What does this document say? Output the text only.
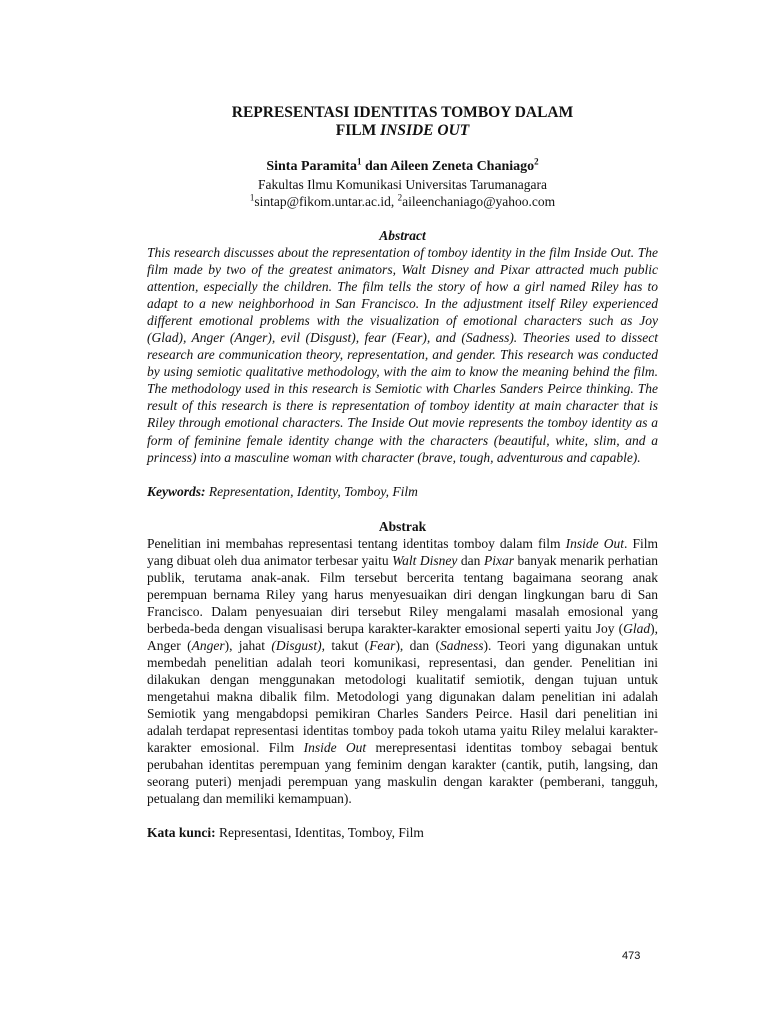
REPRESENTASI IDENTITAS TOMBOY DALAM
FILM INSIDE OUT
Sinta Paramita$^1$ dan Aileen Zeneta Chaniago$^2$
Fakultas Ilmu Komunikasi Universitas Tarumanagara
$^1$sintap@fikom.untar.ac.id, $^2$aileenchaniago@yahoo.com
Abstract

This research discusses about the representation of tomboy identity in the film Inside Out. The film made by two of the greatest animators, Walt Disney and Pixar attracted much public attention, especially the children. The film tells the story of how a girl named Riley has to adapt to a new neighborhood in San Francisco. In the adjustment itself Riley experienced different emotional problems with the visualization of emotional characters such as Joy (Glad), Anger (Anger), evil (Disgust), fear (Fear), and (Sadness). Theories used to dissect research are communication theory, representation, and gender. This research was conducted by using semiotic qualitative methodology, with the aim to know the meaning behind the film. The methodology used in this research is Semiotic with Charles Sanders Peirce thinking. The result of this research is there is representation of tomboy identity at main character that is Riley through emotional characters. The Inside Out movie represents the tomboy identity as a form of feminine female identity change with the characters (beautiful, white, slim, and a princess) into a masculine woman with character (brave, tough, adventurous and capable).

Keywords: Representation, Identity, Tomboy, Film
Abstrak

Penelitian ini membahas representasi tentang identitas tomboy dalam film Inside Out. Film yang dibuat oleh dua animator terbesar yaitu Walt Disney dan Pixar banyak menarik perhatian publik, terutama anak-anak. Film tersebut bercerita tentang bagaimana seorang anak perempuan bernama Riley yang harus menyesuaikan diri dengan lingkungan baru di San Francisco. Dalam penyesuaian diri tersebut Riley mengalami masalah emosional yang berbeda-beda dengan visualisasi berupa karakter-karakter emosional seperti yaitu Joy (Glad), Anger (Anger), jahat (Disgust), takut (Fear), dan (Sadness). Teori yang digunakan untuk membedah penelitian adalah teori komunikasi, representasi, dan gender. Penelitian ini dilakukan dengan menggunakan metodologi kualitatif semiotik, dengan tujuan untuk mengetahui makna dibalik film. Metodologi yang digunakan dalam penelitian ini adalah Semiotik yang mengabdopsi pemikiran Charles Sanders Peirce. Hasil dari penelitian ini adalah terdapat representasi identitas tomboy pada tokoh utama yaitu Riley melalui karakter-karakter emosional. Film Inside Out merepresentasi identitas tomboy sebagai bentuk perubahan identitas perempuan yang feminim dengan karakter (cantik, putih, langsing, dan seorang puteri) menjadi perempuan yang maskulin dengan karakter (pemberani, tangguh, petualang dan memiliki kemampuan).

Kata kunci: Representasi, Identitas, Tomboy, Film
473
